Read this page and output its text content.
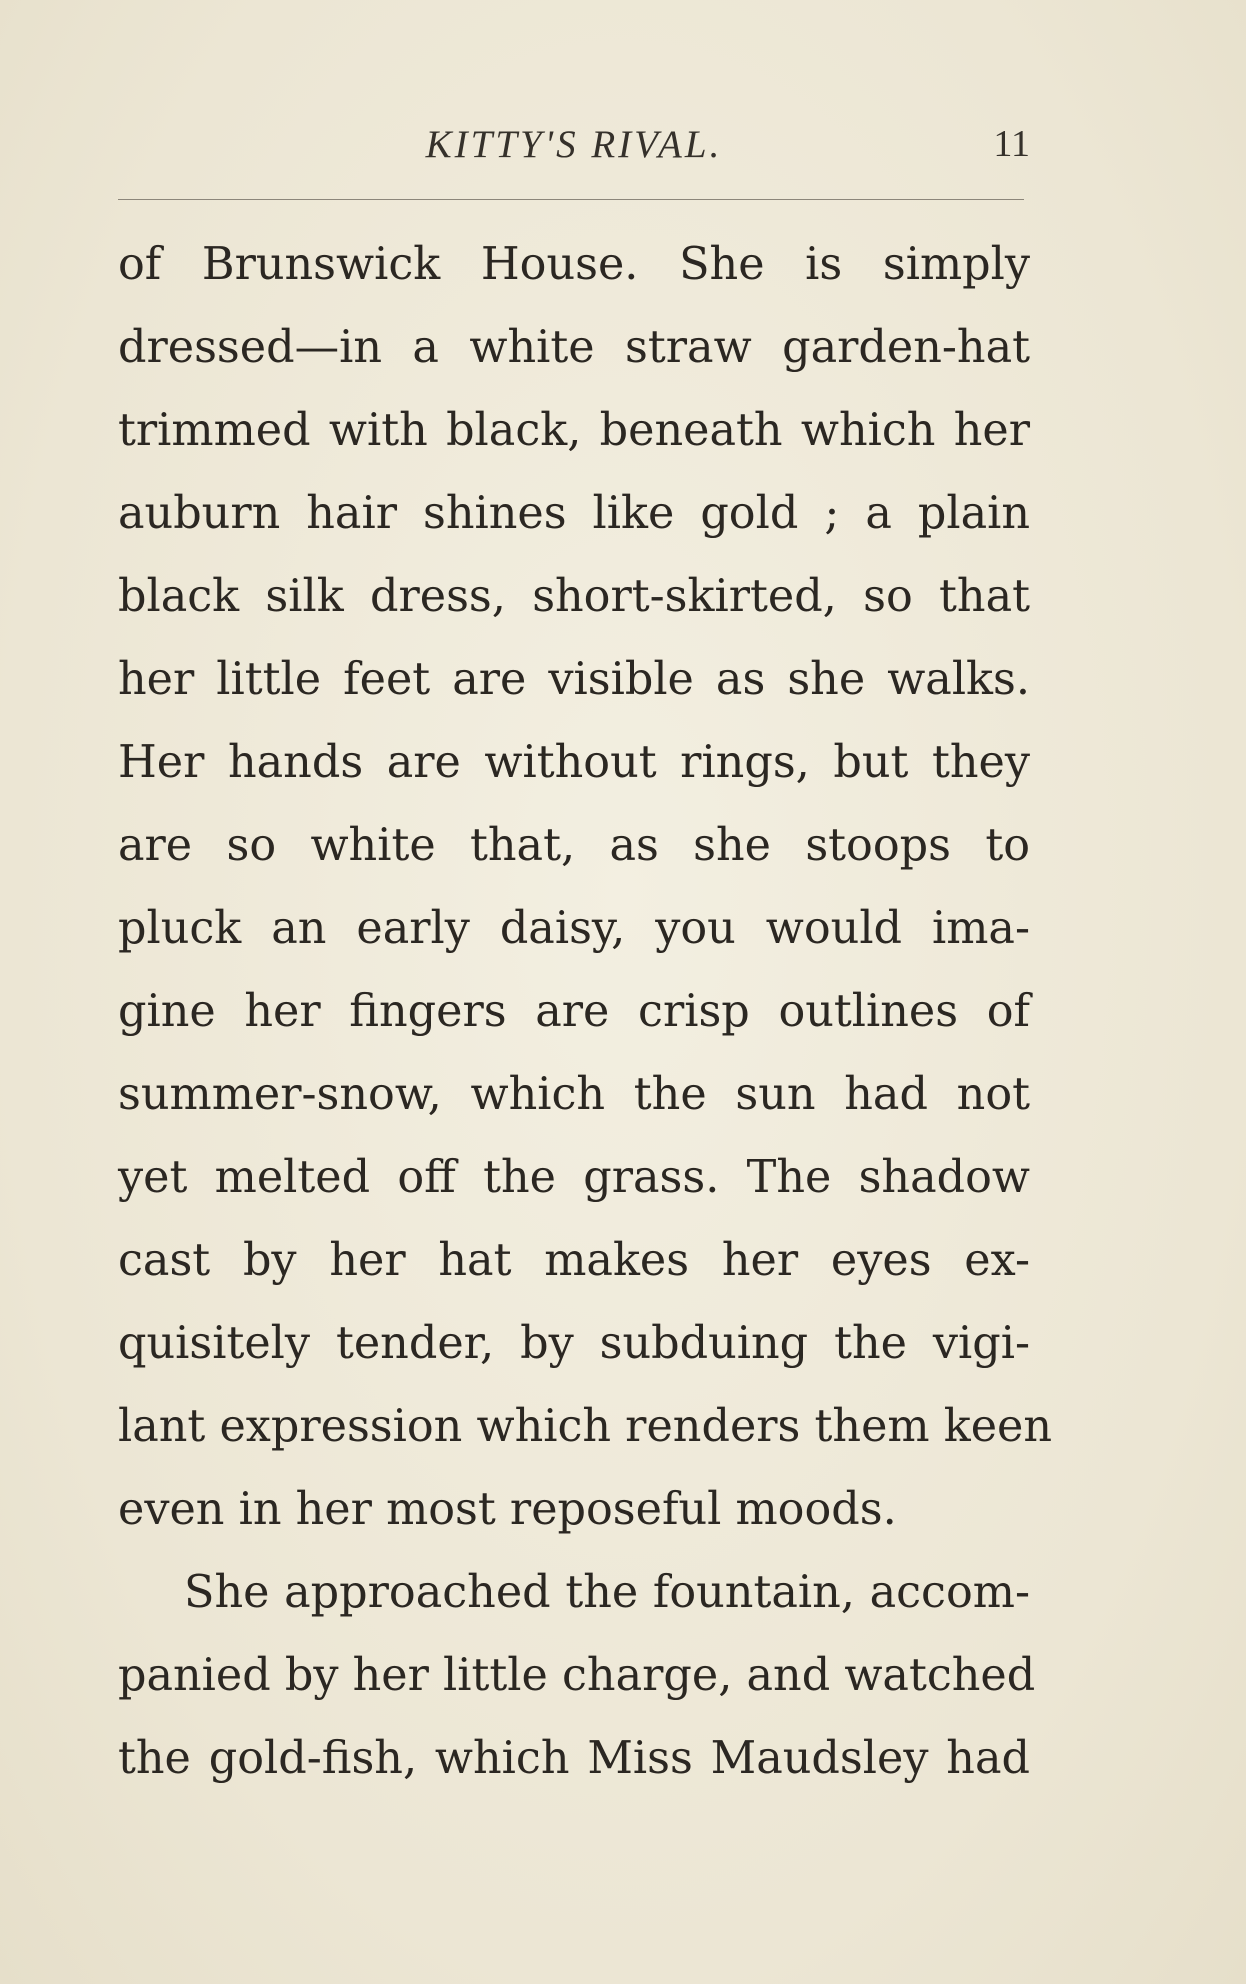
KITTY'S RIVAL.	11
of Brunswick House. She is simply
dressed—in a white straw garden-hat
trimmed with black, beneath which her
auburn hair shines like gold ; a plain
black silk dress, short-skirted, so that
her little feet are visible as she walks.
Her hands are without rings, but they
are so white that, as she stoops to
pluck an early daisy, you would ima-
gine her fingers are crisp outlines of
summer-snow, which the sun had not
yet melted off the grass. The shadow
cast by her hat makes her eyes ex-
quisitely tender, by subduing the vigi-
lant expression which renders them keen
even in her most reposeful moods.
She approached the fountain, accom-
panied by her little charge, and watched
the gold-fish, which Miss Maudsley had
